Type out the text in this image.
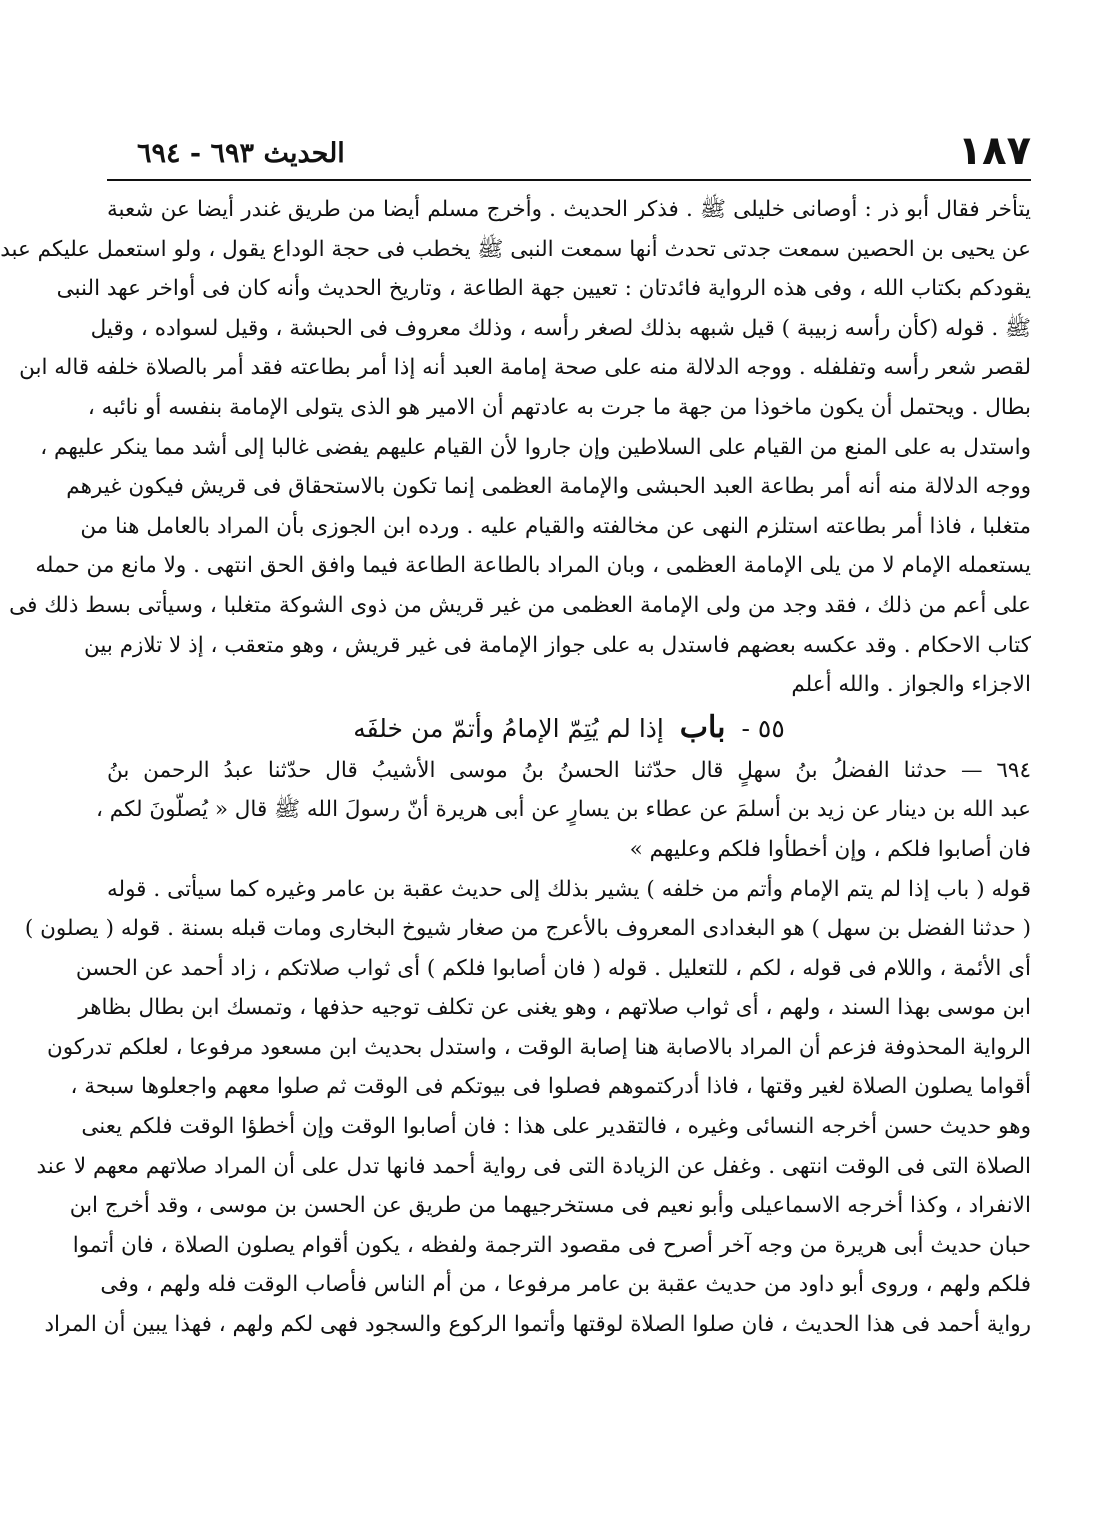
١٨٧
الحديث ٦٩٣ - ٦٩٤
يتأخر فقال أبو ذر : أوصانى خليلى ﷺ . فذكر الحديث . وأخرج مسلم أيضا من طريق غندر أيضا عن شعبة
عن يحيى بن الحصين سمعت جدتى تحدث أنها سمعت النبى ﷺ يخطب فى حجة الوداع يقول ، ولو استعمل عليكم عبد
يقودكم بكتاب الله ، وفى هذه الرواية فائدتان : تعيين جهة الطاعة ، وتاريخ الحديث وأنه كان فى أواخر عهد النبى
ﷺ . قوله (كأن رأسه زبيبة ) قيل شبهه بذلك لصغر رأسه ، وذلك معروف فى الحبشة ، وقيل لسواده ، وقيل
لقصر شعر رأسه وتفلفله . ووجه الدلالة منه على صحة إمامة العبد أنه إذا أمر بطاعته فقد أمر بالصلاة خلفه قاله ابن
بطال . ويحتمل أن يكون ماخوذا من جهة ما جرت به عادتهم أن الامير هو الذى يتولى الإمامة بنفسه أو نائبه ،
واستدل به على المنع من القيام على السلاطين وإن جاروا لأن القيام عليهم يفضى غالبا إلى أشد مما ينكر عليهم ،
ووجه الدلالة منه أنه أمر بطاعة العبد الحبشى والإمامة العظمى إنما تكون بالاستحقاق فى قريش فيكون غيرهم
متغلبا ، فاذا أمر بطاعته استلزم النهى عن مخالفته والقيام عليه . ورده ابن الجوزى بأن المراد بالعامل هنا من
يستعمله الإمام لا من يلى الإمامة العظمى ، وبان المراد بالطاعة الطاعة فيما وافق الحق انتهى . ولا مانع من حمله
على أعم من ذلك ، فقد وجد من ولى الإمامة العظمى من غير قريش من ذوى الشوكة متغلبا ، وسيأتى بسط ذلك فى
كتاب الاحكام . وقد عكسه بعضهم فاستدل به على جواز الإمامة فى غير قريش ، وهو متعقب ، إذ لا تلازم بين
الاجزاء والجواز . والله أعلم
٥٥ - باب إذا لم يُتِمّ الإمامُ وأتمّ من خلفَه
٦٩٤ — حدثنا الفضلُ بنُ سهلٍ قال حدّثنا الحسنُ بنُ موسى الأشيبُ قال حدّثنا عبدُ الرحمن بنُ
عبد الله بن دينار عن زيد بن أسلمَ عن عطاء بن يسارٍ عن أبى هريرة أنّ رسولَ الله ﷺ قال « يُصلّونَ لكم ،
فان أصابوا فلكم ، وإن أخطأوا فلكم وعليهم »
قوله ( باب إذا لم يتم الإمام وأتم من خلفه ) يشير بذلك إلى حديث عقبة بن عامر وغيره كما سيأتى . قوله
( حدثنا الفضل بن سهل ) هو البغدادى المعروف بالأعرج من صغار شيوخ البخارى ومات قبله بسنة . قوله ( يصلون )
أى الأئمة ، واللام فى قوله ، لكم ، للتعليل . قوله ( فان أصابوا فلكم ) أى ثواب صلاتكم ، زاد أحمد عن الحسن
ابن موسى بهذا السند ، ولهم ، أى ثواب صلاتهم ، وهو يغنى عن تكلف توجيه حذفها ، وتمسك ابن بطال بظاهر
الرواية المحذوفة فزعم أن المراد بالاصابة هنا إصابة الوقت ، واستدل بحديث ابن مسعود مرفوعا ، لعلكم تدركون
أقواما يصلون الصلاة لغير وقتها ، فاذا أدركتموهم فصلوا فى بيوتكم فى الوقت ثم صلوا معهم واجعلوها سبحة ،
وهو حديث حسن أخرجه النسائى وغيره ، فالتقدير على هذا : فان أصابوا الوقت وإن أخطؤا الوقت فلكم يعنى
الصلاة التى فى الوقت انتهى . وغفل عن الزيادة التى فى رواية أحمد فانها تدل على أن المراد صلاتهم معهم لا عند
الانفراد ، وكذا أخرجه الاسماعيلى وأبو نعيم فى مستخرجيهما من طريق عن الحسن بن موسى ، وقد أخرج ابن
حبان حديث أبى هريرة من وجه آخر أصرح فى مقصود الترجمة ولفظه ، يكون أقوام يصلون الصلاة ، فان أتموا
فلكم ولهم ، وروى أبو داود من حديث عقبة بن عامر مرفوعا ، من أم الناس فأصاب الوقت فله ولهم ، وفى
رواية أحمد فى هذا الحديث ، فان صلوا الصلاة لوقتها وأتموا الركوع والسجود فهى لكم ولهم ، فهذا يبين أن المراد
